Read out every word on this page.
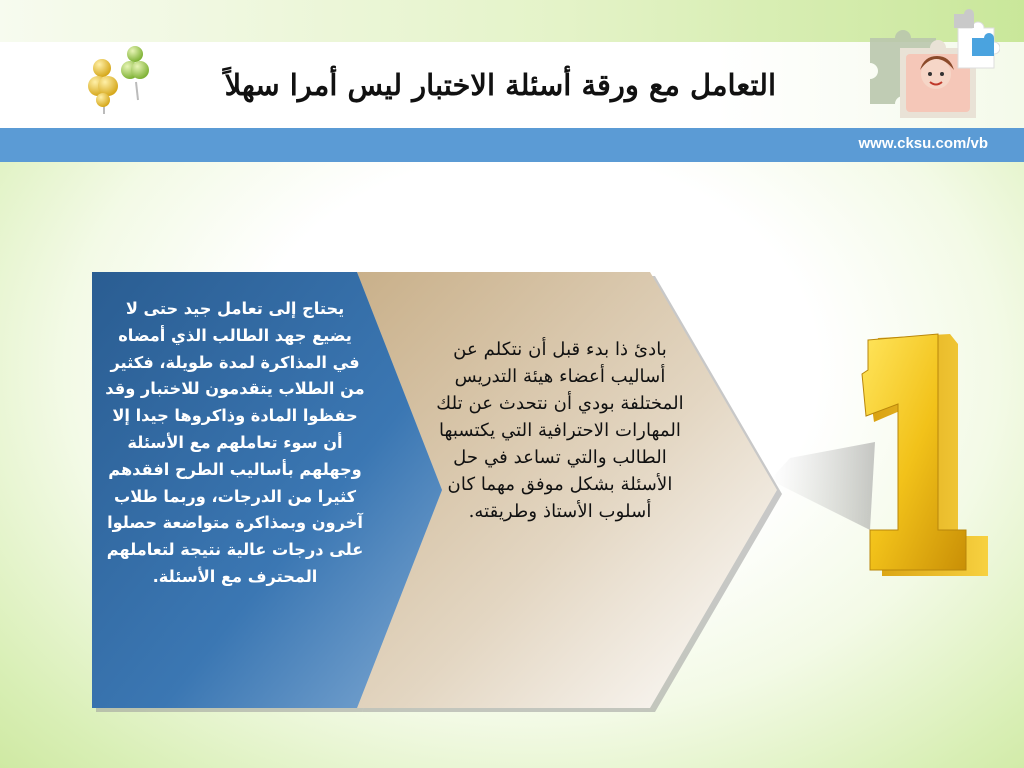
التعامل مع ورقة أسئلة الاختبار ليس أمرا سهلاً
www.cksu.com/vb
يحتاج إلى تعامل جيد حتى لا يضيع جهد الطالب الذي أمضاه في المذاكرة لمدة طويلة، فكثير من الطلاب يتقدمون للاختبار وقد حفظوا المادة وذاكروها جيدا إلا أن سوء تعاملهم مع الأسئلة وجهلهم بأساليب الطرح افقدهم كثيرا من الدرجات، وربما طلاب آخرون وبمذاكرة متواضعة حصلوا على درجات عالية نتيجة لتعاملهم المحترف مع الأسئلة.
بادئ ذا بدء قبل أن نتكلم عن أساليب أعضاء هيئة التدريس المختلفة بودي أن نتحدث عن تلك المهارات الاحترافية التي يكتسبها الطالب والتي تساعد في حل الأسئلة بشكل موفق مهما كان أسلوب الأستاذ وطريقته.
1
